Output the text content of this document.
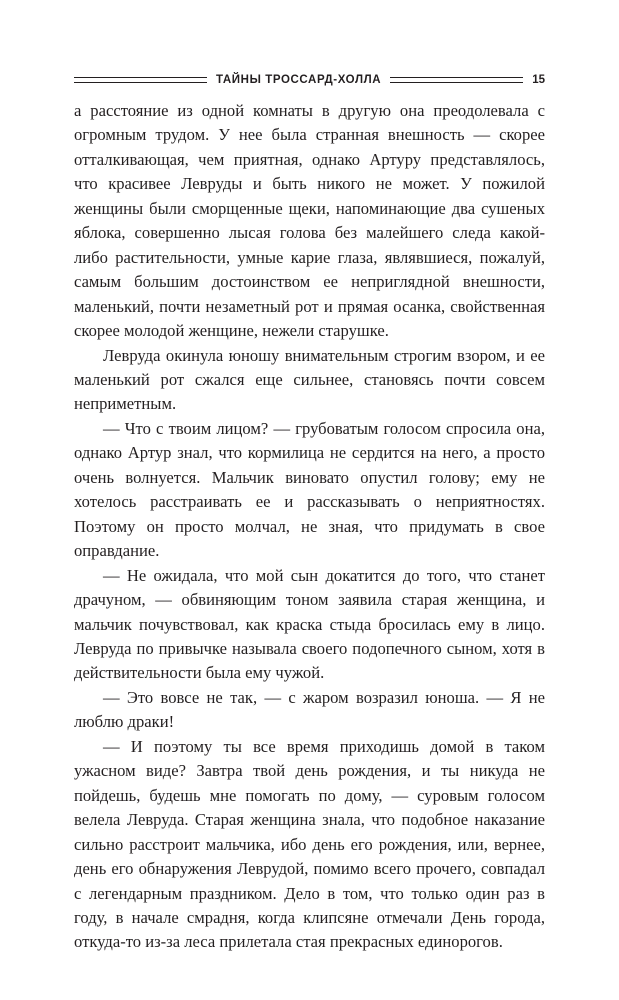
ТАЙНЫ ТРОССАРД-ХОЛЛА	15

а расстояние из одной комнаты в другую она преодолевала с огромным трудом. У нее была странная внешность — скорее отталкивающая, чем приятная, однако Артуру представлялось, что красивее Левруды и быть никого не может. У пожилой женщины были сморщенные щеки, напоминающие два сушеных яблока, совершенно лысая голова без малейшего следа какой-либо растительности, умные карие глаза, являвшиеся, пожалуй, самым большим достоинством ее неприглядной внешности, маленький, почти незаметный рот и прямая осанка, свойственная скорее молодой женщине, нежели старушке.

Левруда окинула юношу внимательным строгим взором, и ее маленький рот сжался еще сильнее, становясь почти совсем неприметным.

— Что с твоим лицом? — грубоватым голосом спросила она, однако Артур знал, что кормилица не сердится на него, а просто очень волнуется. Мальчик виновато опустил голову; ему не хотелось расстраивать ее и рассказывать о неприятностях. Поэтому он просто молчал, не зная, что придумать в свое оправдание.

— Не ожидала, что мой сын докатится до того, что станет драчуном, — обвиняющим тоном заявила старая женщина, и мальчик почувствовал, как краска стыда бросилась ему в лицо. Левруда по привычке называла своего подопечного сыном, хотя в действительности была ему чужой.

— Это вовсе не так, — с жаром возразил юноша. — Я не люблю драки!

— И поэтому ты все время приходишь домой в таком ужасном виде? Завтра твой день рождения, и ты никуда не пойдешь, будешь мне помогать по дому, — суровым голосом велела Левруда. Старая женщина знала, что подобное наказание сильно расстроит мальчика, ибо день его рождения, или, вернее, день его обнаружения Леврудой, помимо всего прочего, совпадал с легендарным праздником. Дело в том, что только один раз в году, в начале смрадня, когда клипсяне отмечали День города, откуда-то из-за леса прилетала стая прекрасных единорогов.
